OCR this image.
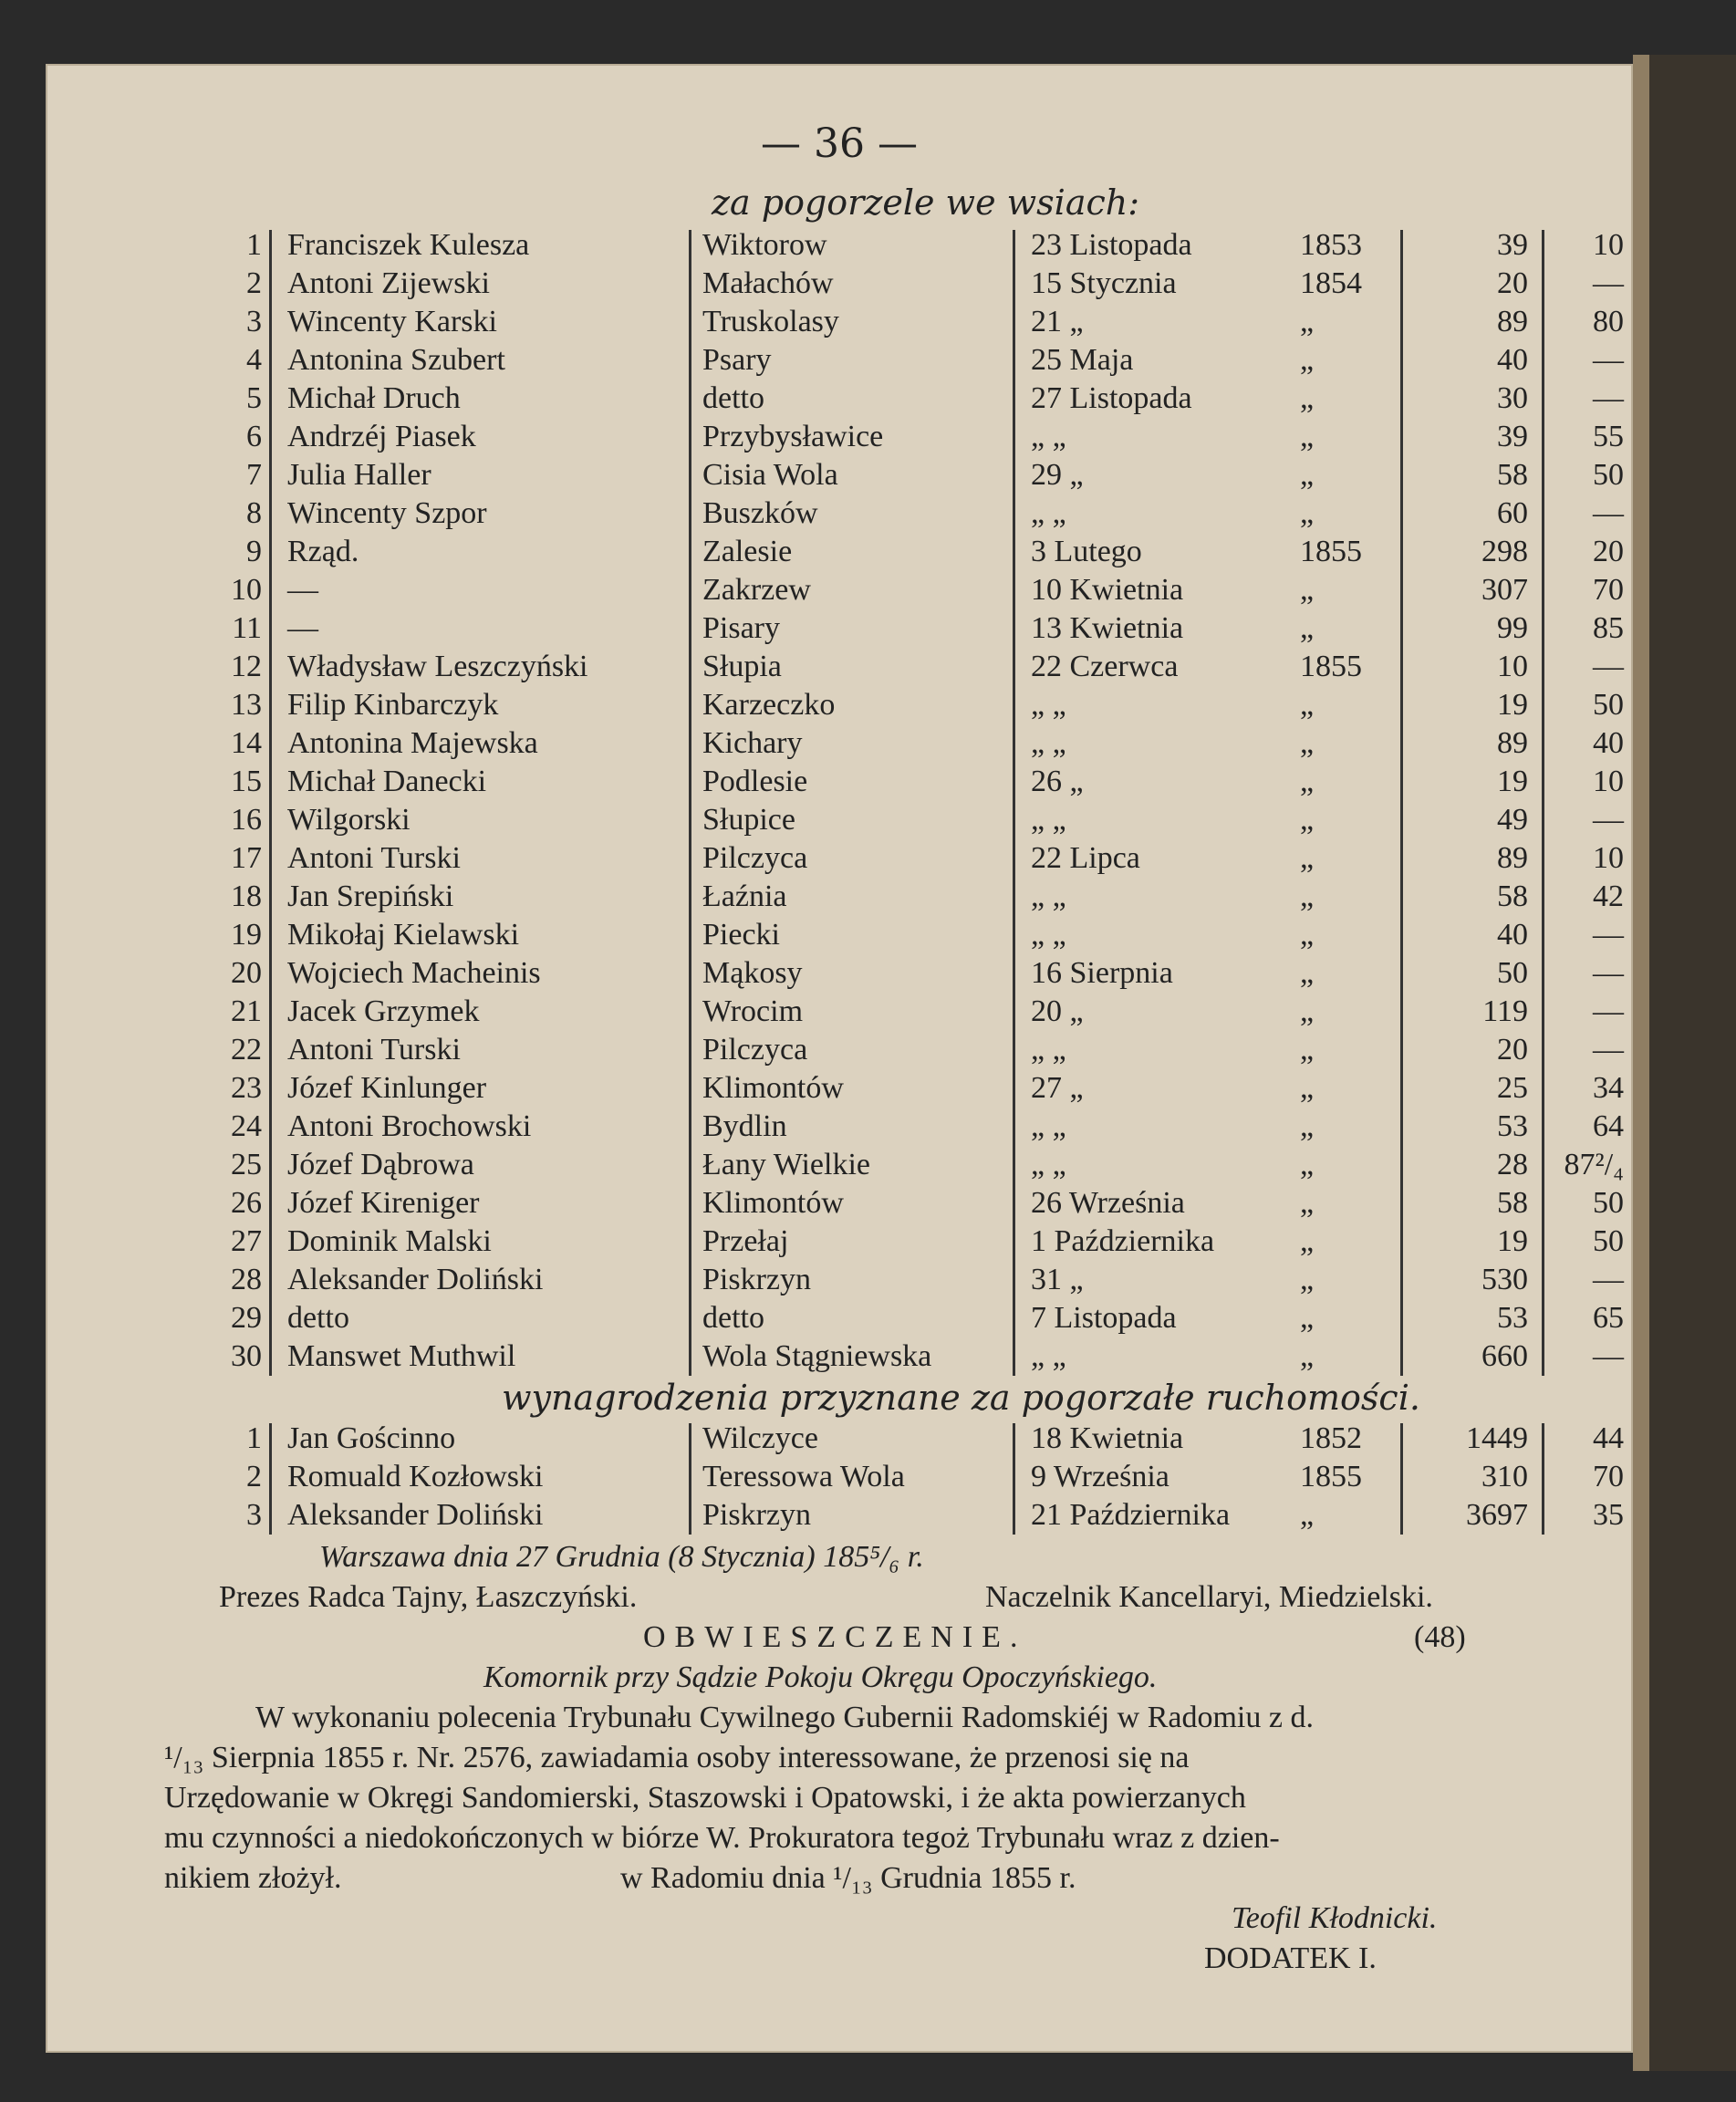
— 36 —
za pogorzele we wsiach:
1 Franciszek Kulesza	Wiktorow	23 Listopada	1853	39	10
2 Antoni Zijewski	Małachów	15 Stycznia	1854	20	—
3 Wincenty Karski	Truskolasy	21 „	„	89	80
4 Antonina Szubert	Psary	25 Maja	„	40	—
5 Michał Druch	detto	27 Listopada	„	30	—
6 Andrzéj Piasek	Przybysławice	„ „	„	39	55
7 Julia Haller	Cisia Wola	29 „	„	58	50
8 Wincenty Szpor	Buszków	„ „	„	60	—
9 Rząd.	Zalesie	3 Lutego	1855	298	20
10 —	Zakrzew	10 Kwietnia	„	307	70
11 —	Pisary	13 Kwietnia	„	99	85
12 Władysław Leszczyński	Słupia	22 Czerwca	1855	10	—
13 Filip Kinbarczyk	Karzeczko	„ „	„	19	50
14 Antonina Majewska	Kichary	„ „	„	89	40
15 Michał Danecki	Podlesie	26 „	„	19	10
16 Wilgorski	Słupice	„ „	„	49	—
17 Antoni Turski	Pilczyca	22 Lipca	„	89	10
18 Jan Srepiński	Łaźnia	„ „	„	58	42
19 Mikołaj Kielawski	Piecki	„ „	„	40	—
20 Wojciech Macheinis	Mąkosy	16 Sierpnia	„	50	—
21 Jacek Grzymek	Wrocim	20 „	„	119	—
22 Antoni Turski	Pilczyca	„ „	„	20	—
23 Józef Kinlunger	Klimontów	27 „	„	25	34
24 Antoni Brochowski	Bydlin	„ „	„	53	64
25 Józef Dąbrowa	Łany Wielkie	„ „	„	28	87²/₄
26 Józef Kireniger	Klimontów	26 Września	„	58	50
27 Dominik Malski	Przełaj	1 Października	„	19	50
28 Aleksander Doliński	Piskrzyn	31 „	„	530	—
29 detto	detto	7 Listopada	„	53	65
30 Manswet Muthwil	Wola Stągniewska	„ „	„	660	—
wynagrodzenia przyznane za pogorzałe ruchomości.
1 Jan Gościnno	Wilczyce	18 Kwietnia	1852	1449	44
2 Romuald Kozłowski	Teressowa Wola	9 Września	1855	310	70
3 Aleksander Doliński	Piskrzyn	21 Października „	3697	35
Warszawa dnia 27 Grudnia (8 Stycznia) 185⁵/₆ r.
Prezes Radca Tajny, Łaszczyński.	Naczelnik Kancellaryi, Miedzielski.
OBWIESZCZENIE.	(48)
Komornik przy Sądzie Pokoju Okręgu Opoczyńskiego.
W wykonaniu polecenia Trybunału Cywilnego Gubernii Radomskiéj w Radomiu z d.
¹/₁₃ Sierpnia 1855 r. Nr. 2576, zawiadamia osoby interessowane, że przenosi się na
Urzędowanie w Okręgi Sandomierski, Staszowski i Opatowski, i że akta powierzanych
mu czynności a niedokończonych w biórze W. Prokuratora tegoż Trybunału wraz z dzien-
nikiem złożył.	w Radomiu dnia ¹/₁₃ Grudnia 1855 r.
Teofil Kłodnicki.
DODATEK I.
